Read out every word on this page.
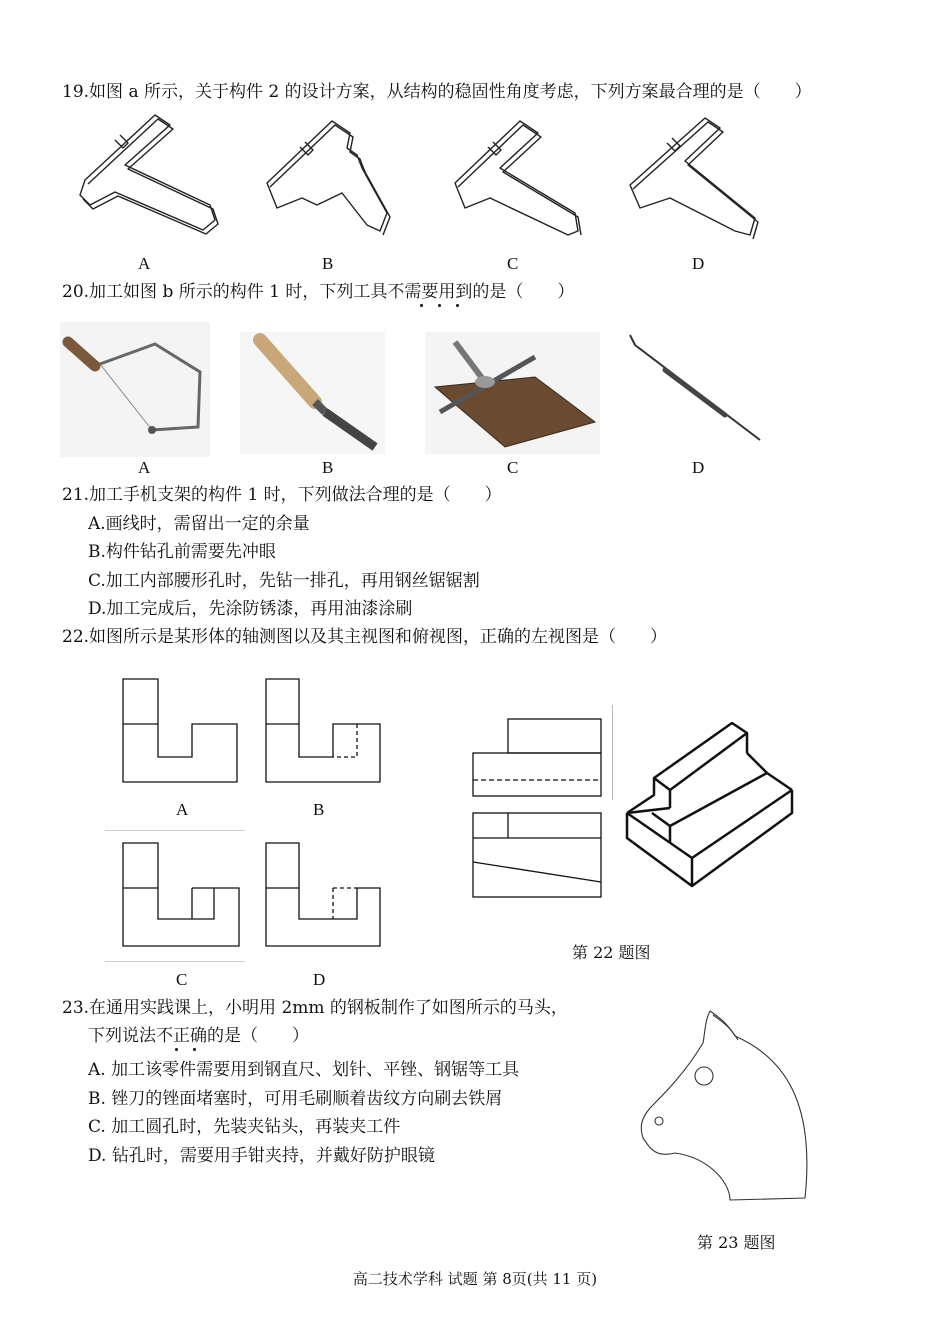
19.如图 a 所示，关于构件 2 的设计方案，从结构的稳固性角度考虑，下列方案最合理的是（　　）
A	B	C	D
20.加工如图 b 所示的构件 1 时，下列工具不需要用到的是（　　）
A	B	C	D
21.加工手机支架的构件 1 时，下列做法合理的是（　　）
A.画线时，需留出一定的余量
B.构件钻孔前需要先冲眼
C.加工内部腰形孔时，先钻一排孔，再用钢丝锯锯割
D.加工完成后，先涂防锈漆，再用油漆涂刷
22.如图所示是某形体的轴测图以及其主视图和俯视图，正确的左视图是（　　）
A	B
C	D
第 22 题图
23.在通用实践课上，小明用 2mm 的钢板制作了如图所示的马头，
下列说法不正确的是（　　）
A. 加工该零件需要用到钢直尺、划针、平锉、钢锯等工具
B. 锉刀的锉面堵塞时，可用毛刷顺着齿纹方向刷去铁屑
C. 加工圆孔时，先装夹钻头，再装夹工件
D. 钻孔时，需要用手钳夹持，并戴好防护眼镜
第 23 题图
高二技术学科 试题 第 8页(共 11 页)
